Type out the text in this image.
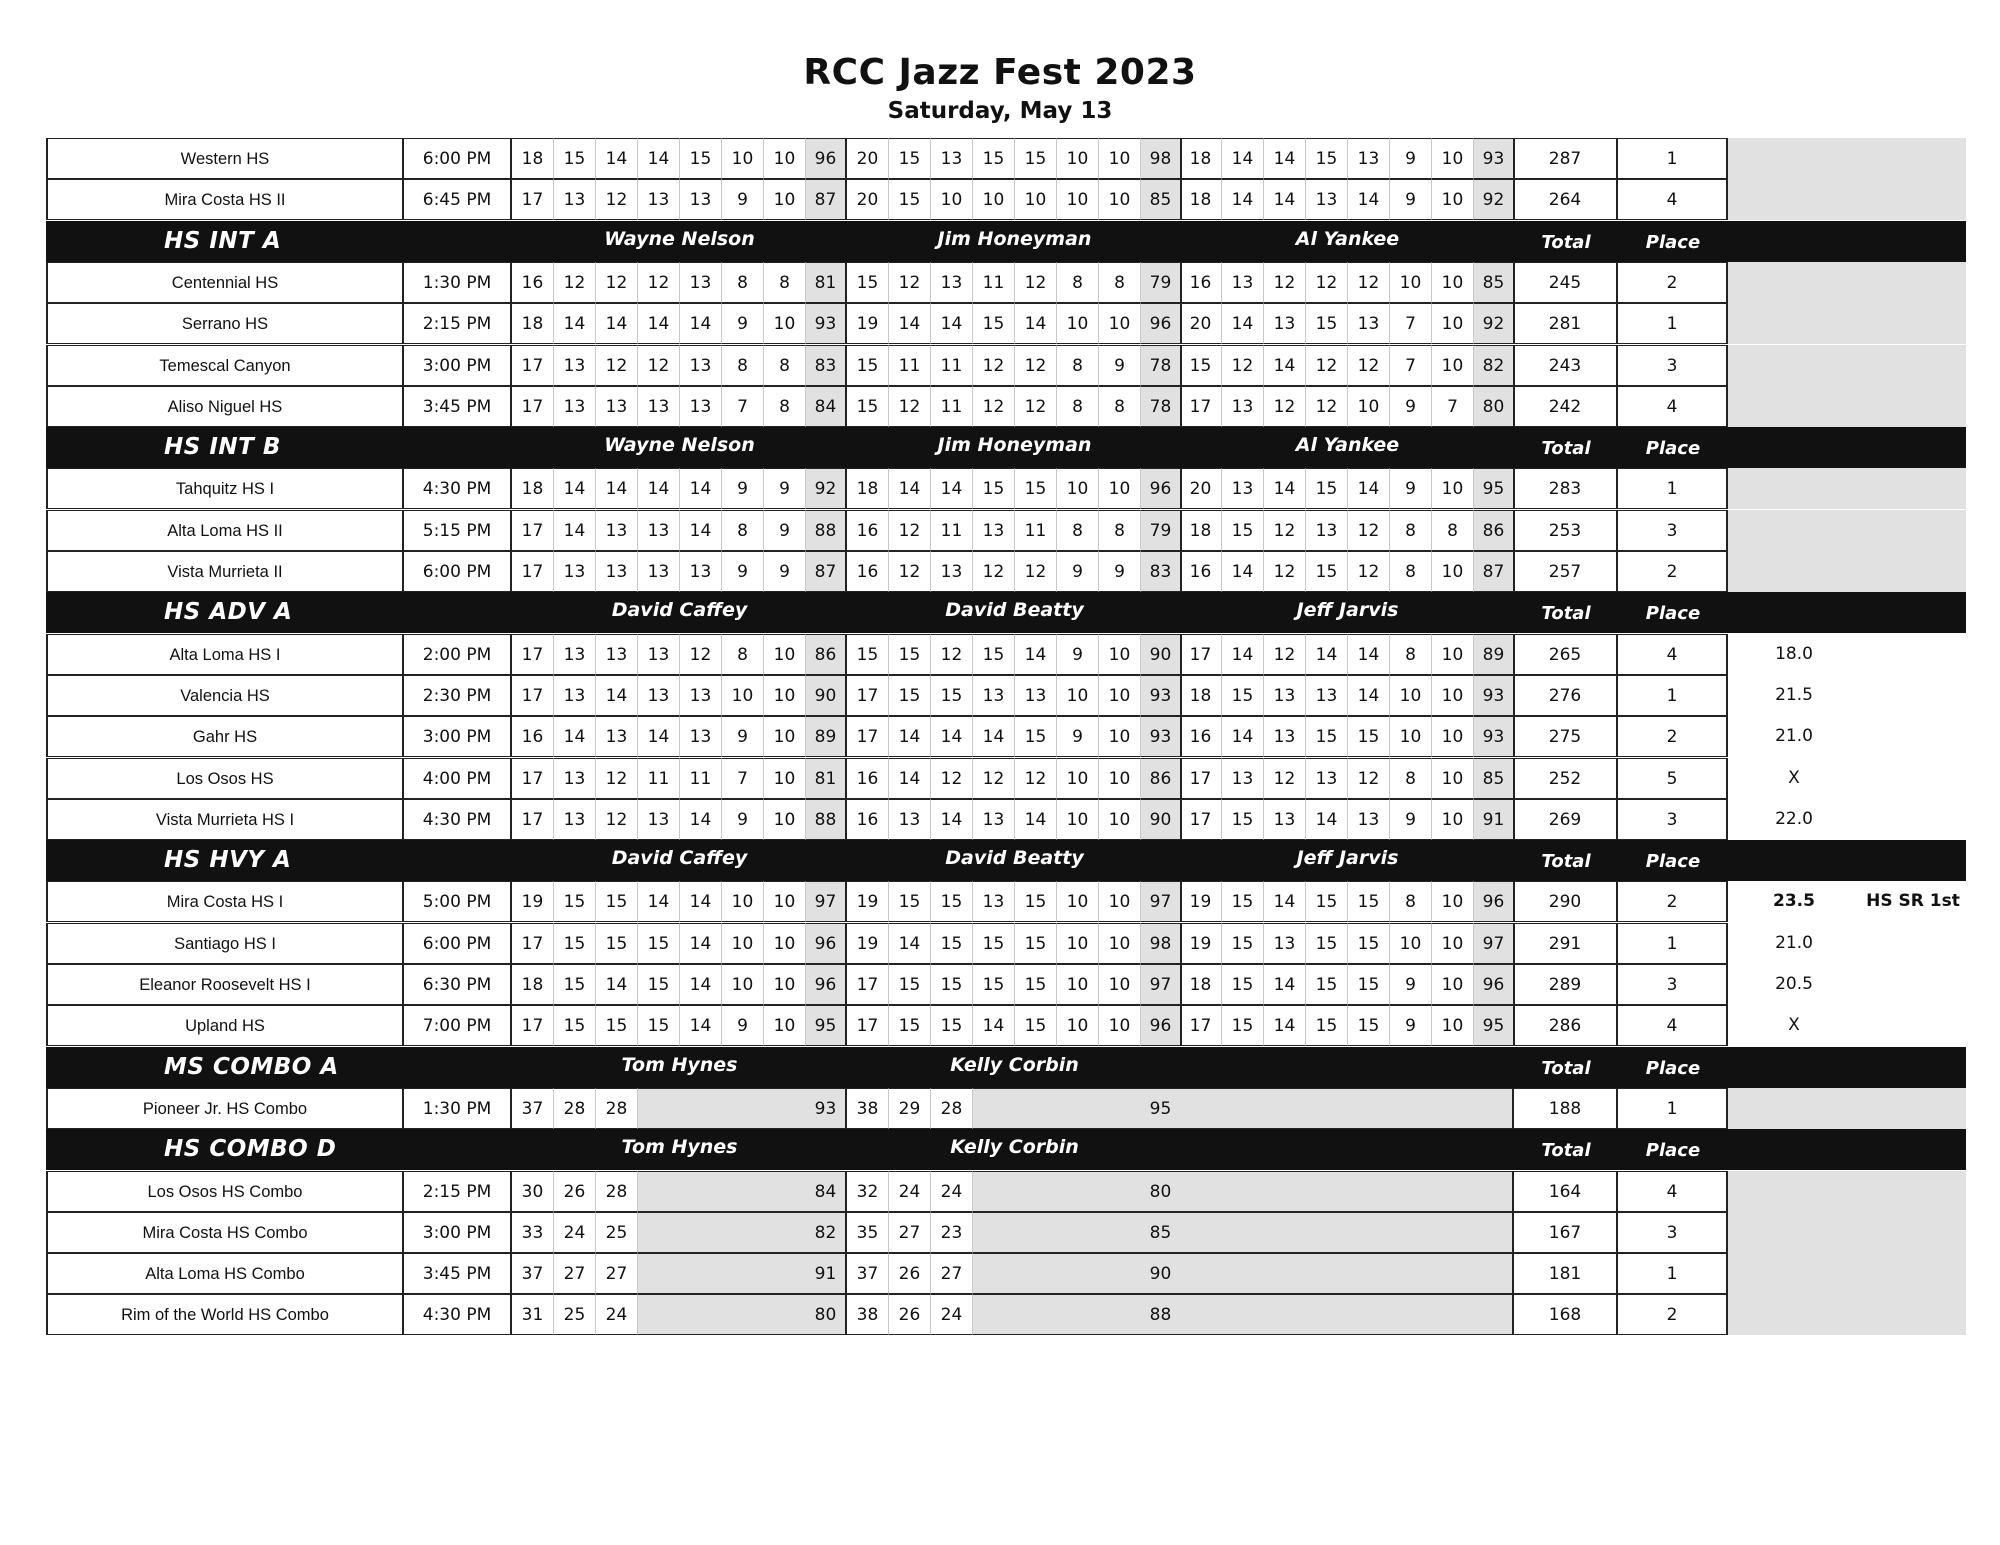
RCC Jazz Fest 2023
Saturday, May 13
Western HS	6:00 PM	18	15	14	14	15	10	10	96	20	15	13	15	15	10	10	98	18	14	14	15	13	9	10	93	287	1
Mira Costa HS II	6:45 PM	17	13	12	13	13	9	10	87	20	15	10	10	10	10	10	85	18	14	14	13	14	9	10	92	264	4
HS INT A	Wayne Nelson	Jim Honeyman	Al Yankee	Total	Place
Centennial HS	1:30 PM	16	12	12	12	13	8	8	81	15	12	13	11	12	8	8	79	16	13	12	12	12	10	10	85	245	2
Serrano HS	2:15 PM	18	14	14	14	14	9	10	93	19	14	14	15	14	10	10	96	20	14	13	15	13	7	10	92	281	1
Temescal Canyon	3:00 PM	17	13	12	12	13	8	8	83	15	11	11	12	12	8	9	78	15	12	14	12	12	7	10	82	243	3
Aliso Niguel HS	3:45 PM	17	13	13	13	13	7	8	84	15	12	11	12	12	8	8	78	17	13	12	12	10	9	7	80	242	4
HS INT B	Wayne Nelson	Jim Honeyman	Al Yankee	Total	Place
Tahquitz HS I	4:30 PM	18	14	14	14	14	9	9	92	18	14	14	15	15	10	10	96	20	13	14	15	14	9	10	95	283	1
Alta Loma HS II	5:15 PM	17	14	13	13	14	8	9	88	16	12	11	13	11	8	8	79	18	15	12	13	12	8	8	86	253	3
Vista Murrieta II	6:00 PM	17	13	13	13	13	9	9	87	16	12	13	12	12	9	9	83	16	14	12	15	12	8	10	87	257	2
HS ADV A	David Caffey	David Beatty	Jeff Jarvis	Total	Place
Alta Loma HS I	2:00 PM	17	13	13	13	12	8	10	86	15	15	12	15	14	9	10	90	17	14	12	14	14	8	10	89	265	4	18.0
Valencia HS	2:30 PM	17	13	14	13	13	10	10	90	17	15	15	13	13	10	10	93	18	15	13	13	14	10	10	93	276	1	21.5
Gahr HS	3:00 PM	16	14	13	14	13	9	10	89	17	14	14	14	15	9	10	93	16	14	13	15	15	10	10	93	275	2	21.0
Los Osos HS	4:00 PM	17	13	12	11	11	7	10	81	16	14	12	12	12	10	10	86	17	13	12	13	12	8	10	85	252	5	X
Vista Murrieta HS I	4:30 PM	17	13	12	13	14	9	10	88	16	13	14	13	14	10	10	90	17	15	13	14	13	9	10	91	269	3	22.0
HS HVY A	David Caffey	David Beatty	Jeff Jarvis	Total	Place
Mira Costa HS I	5:00 PM	19	15	15	14	14	10	10	97	19	15	15	13	15	10	10	97	19	15	14	15	15	8	10	96	290	2	23.5	HS SR 1st
Santiago HS I	6:00 PM	17	15	15	15	14	10	10	96	19	14	15	15	15	10	10	98	19	15	13	15	15	10	10	97	291	1	21.0
Eleanor Roosevelt HS I	6:30 PM	18	15	14	15	14	10	10	96	17	15	15	15	15	10	10	97	18	15	14	15	15	9	10	96	289	3	20.5
Upland HS	7:00 PM	17	15	15	15	14	9	10	95	17	15	15	14	15	10	10	96	17	15	14	15	15	9	10	95	286	4	X
MS COMBO A	Tom Hynes	Kelly Corbin	Total	Place
Pioneer Jr. HS Combo	1:30 PM	37	28	28	93	38	29	28	95	188	1
HS COMBO D	Tom Hynes	Kelly Corbin	Total	Place
Los Osos HS Combo	2:15 PM	30	26	28	84	32	24	24	80	164	4
Mira Costa HS Combo	3:00 PM	33	24	25	82	35	27	23	85	167	3
Alta Loma HS Combo	3:45 PM	37	27	27	91	37	26	27	90	181	1
Rim of the World HS Combo	4:30 PM	31	25	24	80	38	26	24	88	168	2
